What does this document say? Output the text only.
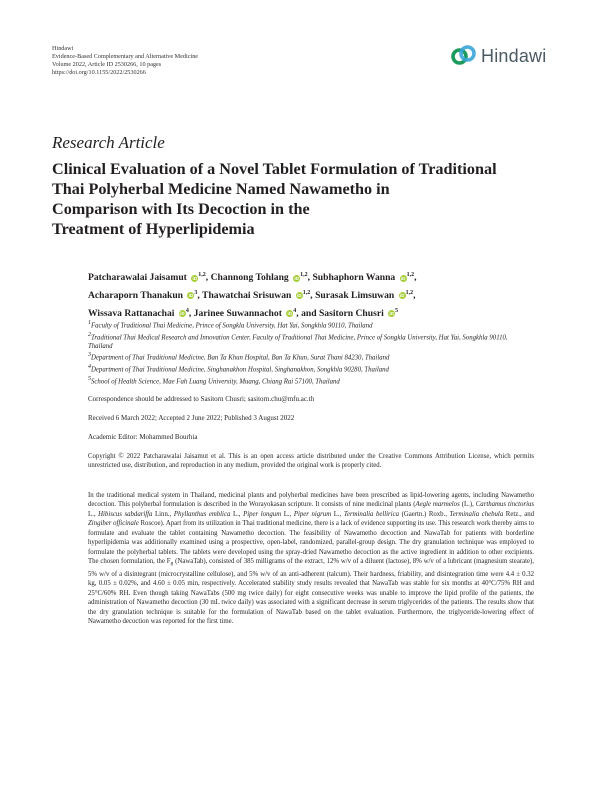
Hindawi
Evidence-Based Complementary and Alternative Medicine
Volume 2022, Article ID 2530266, 10 pages
https://doi.org/10.1155/2022/2530266
Hindawi
Research Article
Clinical Evaluation of a Novel Tablet Formulation of Traditional
Thai Polyherbal Medicine Named Nawametho in
Comparison with Its Decoction in the
Treatment of Hyperlipidemia
Patcharawalai Jaisamut iD$^{1,2}$, Channong Tohlang iD$^{1,2}$, Subhaphorn Wanna iD$^{1,2}$,
Acharaporn Thanakun $iD^3$, Thawatchai Srisuwan iD$^{1,2}$, Surasak Limsuwan iD$^{1,2}$,
Wissava Rattanachai $iD^4$, Jarinee Suwannachot $iD^4$, and Sasitorn Chusri $iD^5$
$^1$Faculty of Traditional Thai Medicine, Prince of Songkla University, Hat Yai, Songkhla 90110, Thailand
$^2$Traditional Thai Medical Research and Innovation Center, Faculty of Traditional Thai Medicine, Prince of Songkla University, Hat Yai, Songkhla 90110, Thailand
$^3$Department of Thai Traditional Medicine, Ban Ta Khun Hospital, Ban Ta Khun, Surat Thani 84230, Thailand
$^4$Department of Thai Traditional Medicine, Singhanakhon Hospital, Singhanakhon, Songkhla 90280, Thailand
$^5$School of Health Science, Mae Fah Luang University, Muang, Chiang Rai 57100, Thailand
Correspondence should be addressed to Sasitorn Chusri; sasitorn.chu@mfu.ac.th
Received 6 March 2022; Accepted 2 June 2022; Published 3 August 2022
Academic Editor: Mohammed Bourhia
Copyright © 2022 Patcharawalai Jaisamut et al. This is an open access article distributed under the Creative Commons Attribution License, which permits unrestricted use, distribution, and reproduction in any medium, provided the original work is properly cited.
In the traditional medical system in Thailand, medicinal plants and polyherbal medicines have been prescribed as lipid-lowering agents, including Nawametho decoction. This polyherbal formulation is described in the Worayokasan scripture. It consists of nine medicinal plants (Aegle marmelos (L.), Carthamus tinctorius L., Hibiscus sabdariffa Linn., Phyllanthus emblica L., Piper longum L., Piper nigrum L., Terminalia bellirica (Gaertn.) Roxb., Terminalia chebula Retz., and Zingiber officinale Roscoe). Apart from its utilization in Thai traditional medicine, there is a lack of evidence supporting its use. This research work thereby aims to formulate and evaluate the tablet containing Nawametho decoction. The feasibility of Nawametho decoction and NawaTab for patients with borderline hyperlipidemia was additionally examined using a prospective, open-label, randomized, parallel-group design. The dry granulation technique was employed to formulate the polyherbal tablets. The tablets were developed using the spray-dried Nawametho decoction as the active ingredient in addition to other excipients. The chosen formulation, the $F_8$ (NawaTab), consisted of 385 milligrams of the extract, 12% w/v of a diluent (lactose), 8% w/v of a lubricant (magnesium stearate), 5% w/v of a disintegrant (microcrystalline cellulose), and 5% w/v of an anti-adherent (talcum). Their hardness, friability, and disintegration time were 4.4 ± 0.32 kg, 0.05 ± 0.02%, and 4.60 ± 0.05 min, respectively. Accelerated stability study results revealed that NawaTab was stable for six months at 40°C/75% RH and 25°C/60% RH. Even though taking NawaTabs (500 mg twice daily) for eight consecutive weeks was unable to improve the lipid profile of the patients, the administration of Nawametho decoction (30 mL twice daily) was associated with a significant decrease in serum triglycerides of the patients. The results show that the dry granulation technique is suitable for the formulation of NawaTab based on the tablet evaluation. Furthermore, the triglyceride-lowering effect of Nawametho decoction was reported for the first time.
